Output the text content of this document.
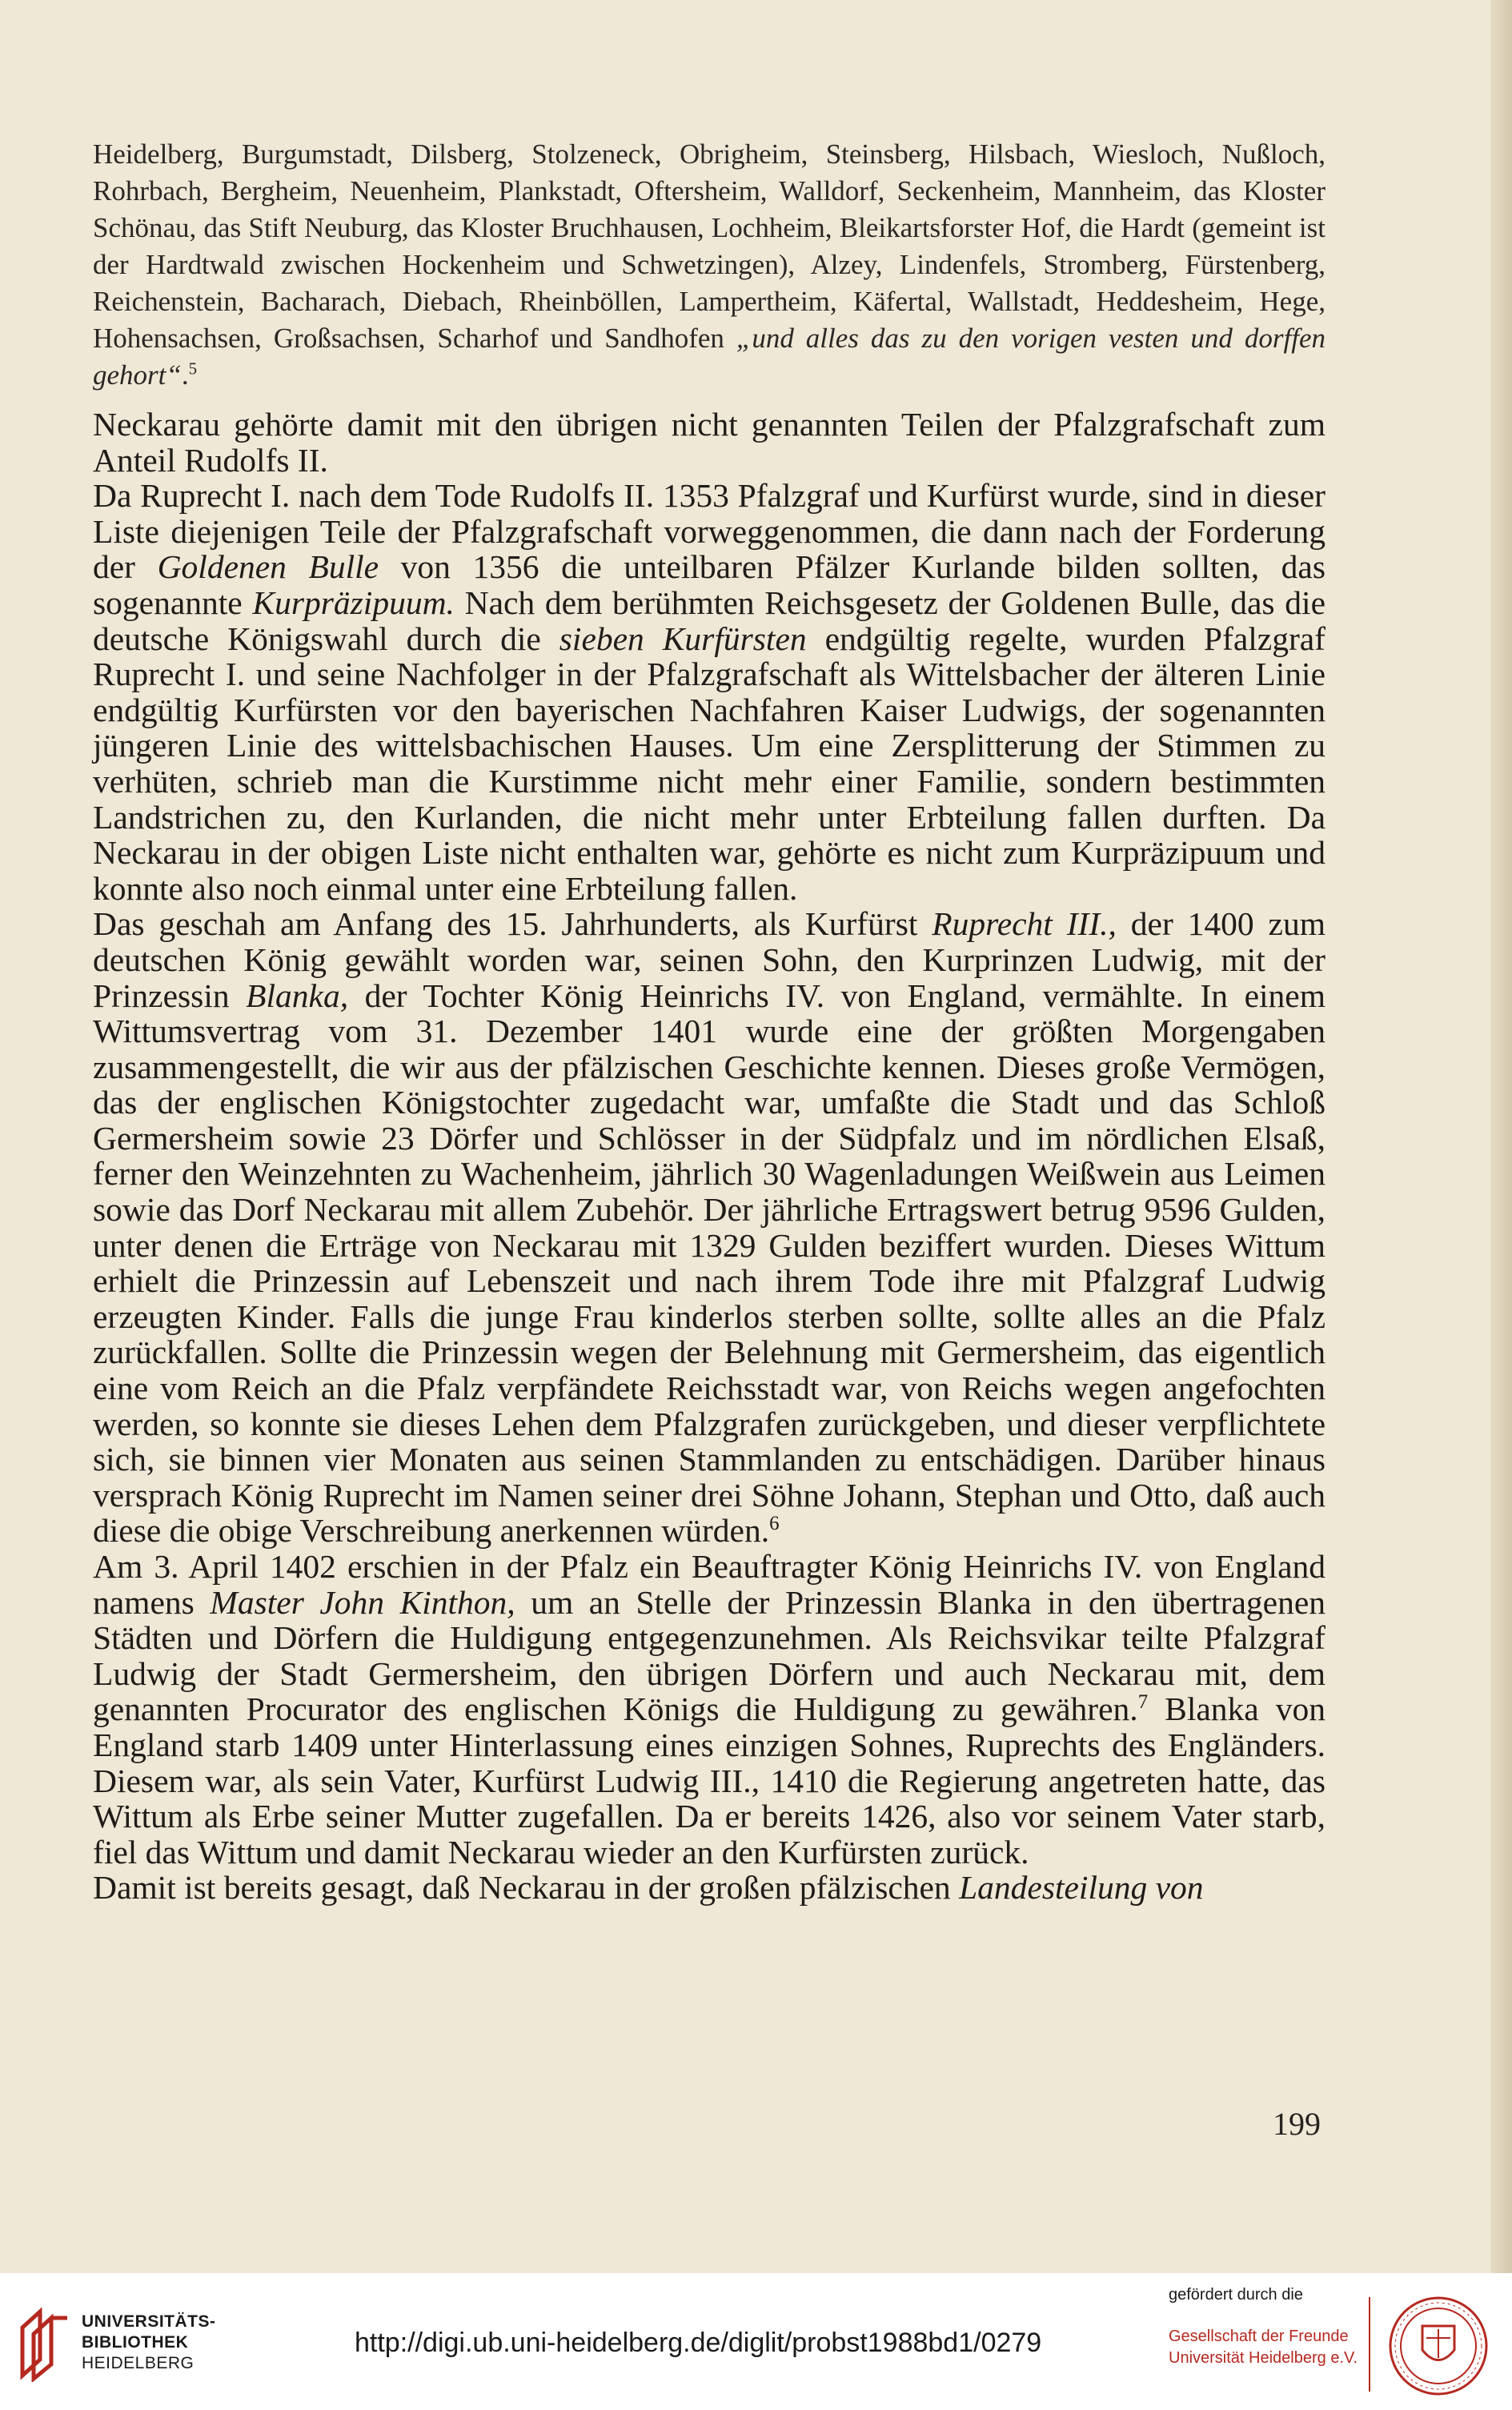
Heidelberg, Burgumstadt, Dilsberg, Stolzeneck, Obrigheim, Steinsberg, Hilsbach, Wiesloch, Nußloch, Rohrbach, Bergheim, Neuenheim, Plankstadt, Oftersheim, Walldorf, Seckenheim, Mannheim, das Kloster Schönau, das Stift Neuburg, das Kloster Bruchhausen, Lochheim, Bleikartsforster Hof, die Hardt (gemeint ist der Hardtwald zwischen Hockenheim und Schwetzingen), Alzey, Lindenfels, Stromberg, Fürstenberg, Reichenstein, Bacharach, Diebach, Rheinböllen, Lampertheim, Käfertal, Wallstadt, Heddesheim, Hege, Hohensachsen, Großsachsen, Scharhof und Sandhofen „und alles das zu den vorigen vesten und dorffen gehort“.$^5$

Neckarau gehörte damit mit den übrigen nicht genannten Teilen der Pfalzgrafschaft zum Anteil Rudolfs II.

Da Ruprecht I. nach dem Tode Rudolfs II. 1353 Pfalzgraf und Kurfürst wurde, sind in dieser Liste diejenigen Teile der Pfalzgrafschaft vorweggenommen, die dann nach der Forderung der Goldenen Bulle von 1356 die unteilbaren Pfälzer Kurlande bilden sollten, das sogenannte Kurpräzipuum. Nach dem berühmten Reichsgesetz der Goldenen Bulle, das die deutsche Königswahl durch die sieben Kurfürsten endgültig regelte, wurden Pfalzgraf Ruprecht I. und seine Nachfolger in der Pfalzgrafschaft als Wittelsbacher der älteren Linie endgültig Kurfürsten vor den bayerischen Nachfahren Kaiser Ludwigs, der sogenannten jüngeren Linie des wittelsbachischen Hauses. Um eine Zersplitterung der Stimmen zu verhüten, schrieb man die Kurstimme nicht mehr einer Familie, sondern bestimmten Landstrichen zu, den Kurlanden, die nicht mehr unter Erbteilung fallen durften. Da Neckarau in der obigen Liste nicht enthalten war, gehörte es nicht zum Kurpräzipuum und konnte also noch einmal unter eine Erbteilung fallen.

Das geschah am Anfang des 15. Jahrhunderts, als Kurfürst Ruprecht III., der 1400 zum deutschen König gewählt worden war, seinen Sohn, den Kurprinzen Ludwig, mit der Prinzessin Blanka, der Tochter König Heinrichs IV. von England, vermählte. In einem Wittumsvertrag vom 31. Dezember 1401 wurde eine der größten Morgengaben zusammengestellt, die wir aus der pfälzischen Geschichte kennen. Dieses große Vermögen, das der englischen Königstochter zugedacht war, umfaßte die Stadt und das Schloß Germersheim sowie 23 Dörfer und Schlösser in der Südpfalz und im nördlichen Elsaß, ferner den Weinzehnten zu Wachenheim, jährlich 30 Wagenladungen Weißwein aus Leimen sowie das Dorf Neckarau mit allem Zubehör. Der jährliche Ertragswert betrug 9596 Gulden, unter denen die Erträge von Neckarau mit 1329 Gulden beziffert wurden. Dieses Wittum erhielt die Prinzessin auf Lebenszeit und nach ihrem Tode ihre mit Pfalzgraf Ludwig erzeugten Kinder. Falls die junge Frau kinderlos sterben sollte, sollte alles an die Pfalz zurückfallen. Sollte die Prinzessin wegen der Belehnung mit Germersheim, das eigentlich eine vom Reich an die Pfalz verpfändete Reichsstadt war, von Reichs wegen angefochten werden, so konnte sie dieses Lehen dem Pfalzgrafen zurückgeben, und dieser verpflichtete sich, sie binnen vier Monaten aus seinen Stammlanden zu entschädigen. Darüber hinaus versprach König Ruprecht im Namen seiner drei Söhne Johann, Stephan und Otto, daß auch diese die obige Verschreibung anerkennen würden.$^6$

Am 3. April 1402 erschien in der Pfalz ein Beauftragter König Heinrichs IV. von England namens Master John Kinthon, um an Stelle der Prinzessin Blanka in den übertragenen Städten und Dörfern die Huldigung entgegenzunehmen. Als Reichsvikar teilte Pfalzgraf Ludwig der Stadt Germersheim, den übrigen Dörfern und auch Neckarau mit, dem genannten Procurator des englischen Königs die Huldigung zu gewähren.$^7$ Blanka von England starb 1409 unter Hinterlassung eines einzigen Sohnes, Ruprechts des Engländers. Diesem war, als sein Vater, Kurfürst Ludwig III., 1410 die Regierung angetreten hatte, das Wittum als Erbe seiner Mutter zugefallen. Da er bereits 1426, also vor seinem Vater starb, fiel das Wittum und damit Neckarau wieder an den Kurfürsten zurück.

Damit ist bereits gesagt, daß Neckarau in der großen pfälzischen Landesteilung von

199
UNIVERSITÄTS-
BIBLIOTHEK
HEIDELBERG
http://digi.ub.uni-heidelberg.de/diglit/probst1988bd1/0279
gefördert durch die
Gesellschaft der Freunde
Universität Heidelberg e.V.
